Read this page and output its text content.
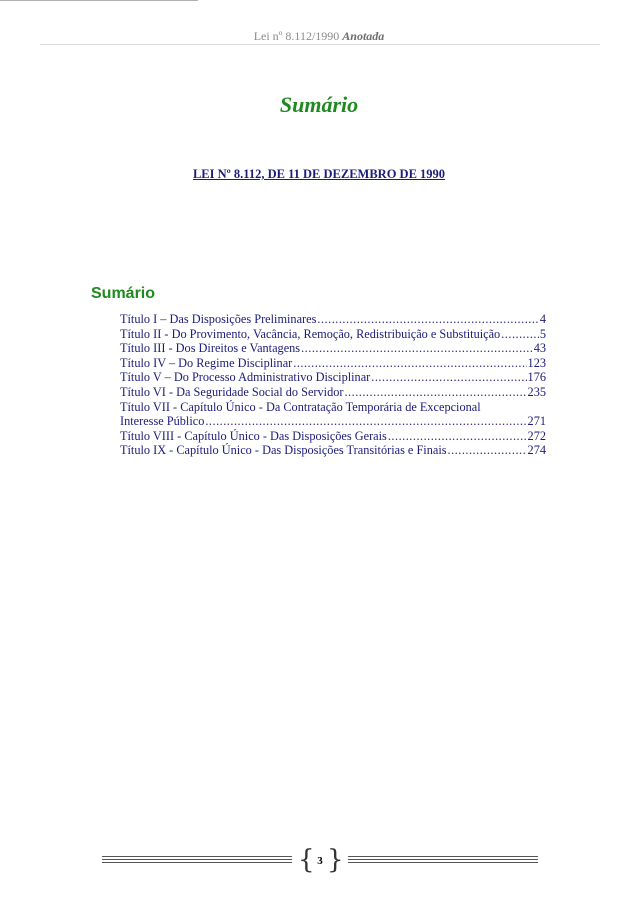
Lei nº 8.112/1990 Anotada
Sumário
LEI Nº 8.112, DE 11 DE DEZEMBRO DE 1990
Sumário
Título I – Das Disposições Preliminares .....	4
Título II - Do Provimento, Vacância, Remoção, Redistribuição e Substituição .....	5
Título III - Dos Direitos e Vantagens .....	43
Título IV – Do Regime Disciplinar .....	123
Título V – Do Processo Administrativo Disciplinar .....	176
Título VI - Da Seguridade Social do Servidor .....	235
Título VII - Capítulo Único - Da Contratação Temporária de Excepcional
Interesse Público .....	271
Título VIII - Capítulo Único - Das Disposições Gerais .....	272
Título IX - Capítulo Único - Das Disposições Transitórias e Finais .....	274
{ 3 }
